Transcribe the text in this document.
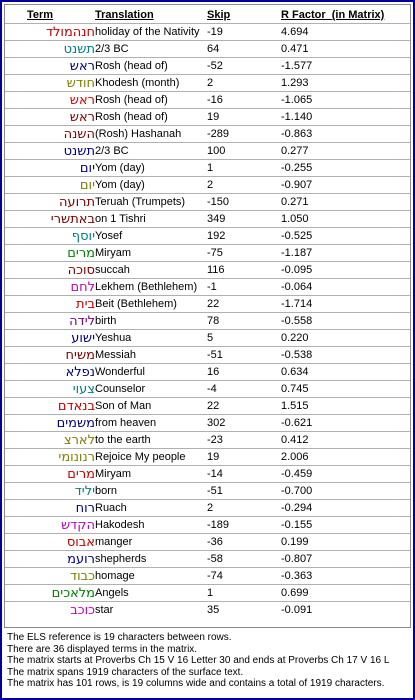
Term	Translation	Skip	R Factor (in Matrix)
חנהמולד holiday of the Nativity -19	4.694
תשנט 2/3 BC	64	0.471
ראש Rosh (head of)	-52	-1.577
חודש Khodesh (month)	2	1.293
ראש Rosh (head of)	-16	-1.065
ראש Rosh (head of)	19	-1.140
השנה (Rosh) Hashanah	-289	-0.863
תשנט 2/3 BC	100	0.277
יום Yom (day)	1	-0.255
יום Yom (day)	2	-0.907
תרועה Teruah (Trumpets)	-150	0.271
באתשרי on 1 Tishri	349	1.050
יוסף Yosef	192	-0.525
מרים Miryam	-75	-1.187
סוכה succah	116	-0.095
לחם Lekhem (Bethlehem) -1	-0.064
בית Beit (Bethlehem)	22	-1.714
לידה birth	78	-0.558
ישוע Yeshua	5	0.220
משיח Messiah	-51	-0.538
נפלא Wonderful	16	0.634
צעוי Counselor	-4	0.745
בנאדם Son of Man	22	1.515
משמים from heaven	302	-0.621
לארצ to the earth	-23	0.412
רנונומי Rejoice My people	19	2.006
מרים Miryam	-14	-0.459
יליד born	-51	-0.700
רוח Ruach	2	-0.294
הקדש Hakodesh	-189	-0.155
אבוס manger	-36	0.199
רועמ shepherds	-58	-0.807
כבוד homage	-74	-0.363
מלאכים Angels	1	0.699
כוכב star	35	-0.091
The ELS reference is 19 characters between rows.
There are 36 displayed terms in the matrix.
The matrix starts at Proverbs Ch 15 V 16 Letter 30 and ends at Proverbs Ch 17 V 16 L
The matrix spans 1919 characters of the surface text.
The matrix has 101 rows, is 19 columns wide and contains a total of 1919 characters.
